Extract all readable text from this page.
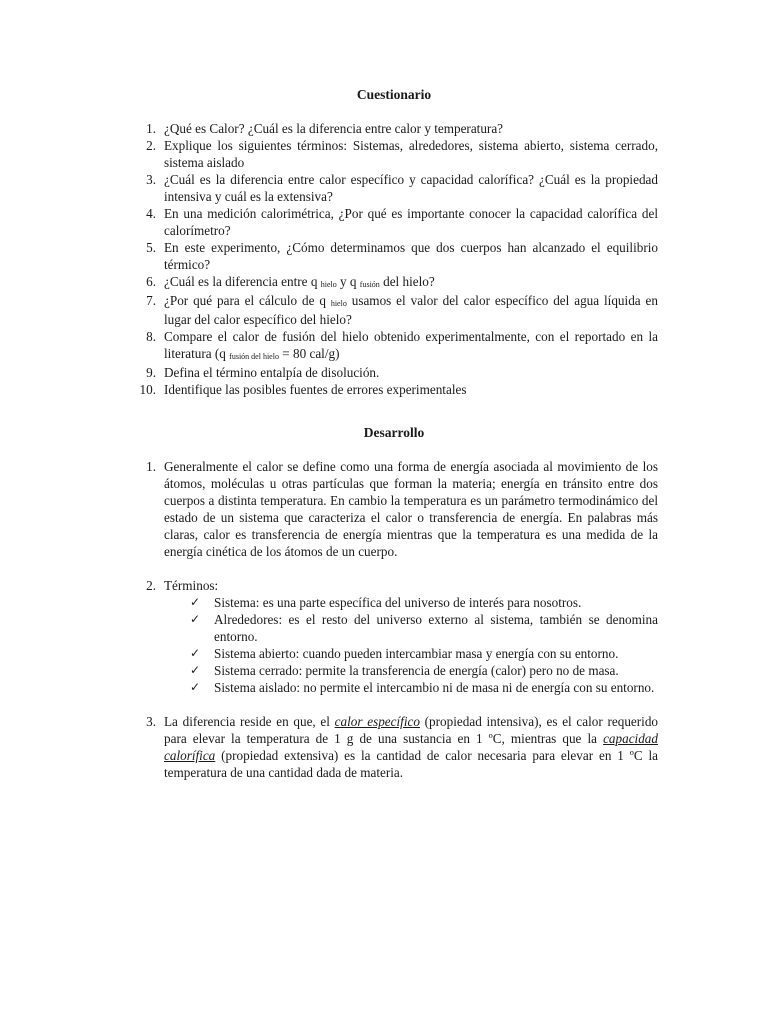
Cuestionario
1. ¿Qué es Calor? ¿Cuál es la diferencia entre calor y temperatura?
2. Explique los siguientes términos: Sistemas, alrededores, sistema abierto, sistema cerrado, sistema aislado
3. ¿Cuál es la diferencia entre calor específico y capacidad calorífica? ¿Cuál es la propiedad intensiva y cuál es la extensiva?
4. En una medición calorimétrica, ¿Por qué es importante conocer la capacidad calorífica del calorímetro?
5. En este experimento, ¿Cómo determinamos que dos cuerpos han alcanzado el equilibrio térmico?
6. ¿Cuál es la diferencia entre q $_{hielo}$ y q $_{fusión}$ del hielo?
7. ¿Por qué para el cálculo de q $_{hielo}$ usamos el valor del calor específico del agua líquida en lugar del calor específico del hielo?
8. Compare el calor de fusión del hielo obtenido experimentalmente, con el reportado en la literatura (q $_{fusión del hielo}$ = 80 cal/g)
9. Defina el término entalpía de disolución.
10. Identifique las posibles fuentes de errores experimentales
Desarrollo
1. Generalmente el calor se define como una forma de energía asociada al movimiento de los átomos, moléculas u otras partículas que forman la materia; energía en tránsito entre dos cuerpos a distinta temperatura. En cambio la temperatura es un parámetro termodinámico del estado de un sistema que caracteriza el calor o transferencia de energía. En palabras más claras, calor es transferencia de energía mientras que la temperatura es una medida de la energía cinética de los átomos de un cuerpo.
2. Términos:
✓	Sistema: es una parte específica del universo de interés para nosotros.
✓	Alrededores: es el resto del universo externo al sistema, también se denomina entorno.
✓	Sistema abierto: cuando pueden intercambiar masa y energía con su entorno.
✓	Sistema cerrado: permite la transferencia de energía (calor) pero no de masa.
✓	Sistema aislado: no permite el intercambio ni de masa ni de energía con su entorno.
3. La diferencia reside en que, el calor específico (propiedad intensiva), es el calor requerido para elevar la temperatura de 1 g de una sustancia en 1 ºC, mientras que la capacidad calorífica (propiedad extensiva) es la cantidad de calor necesaria para elevar en 1 ºC la temperatura de una cantidad dada de materia.
